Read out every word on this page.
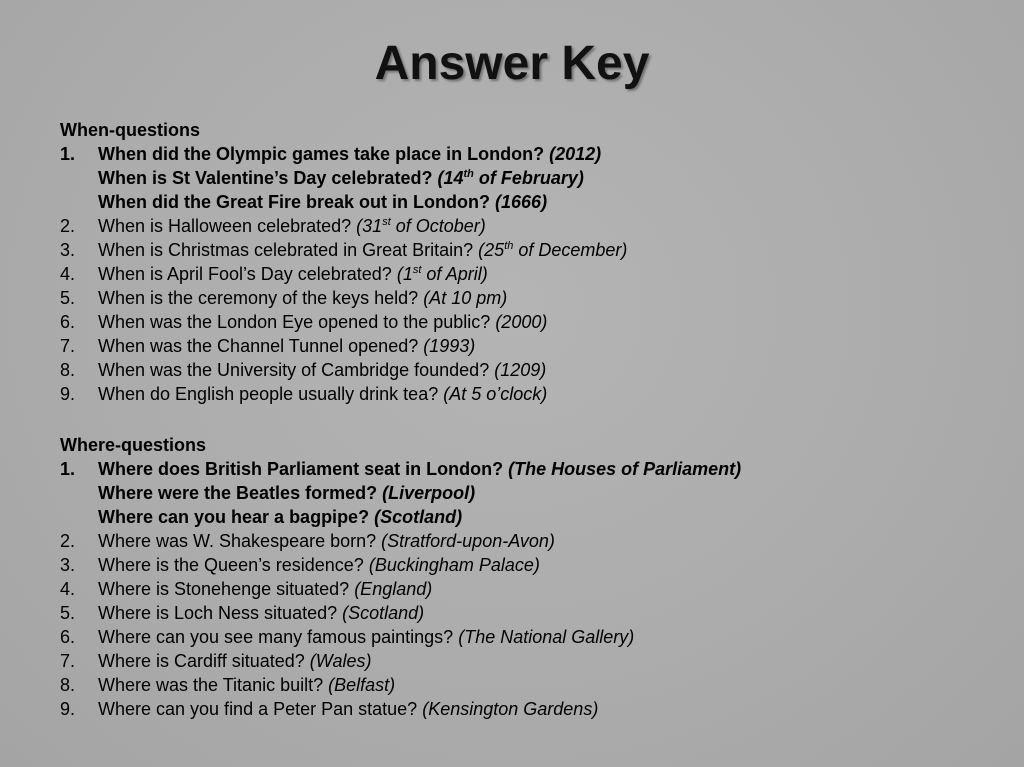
Answer Key
When-questions
1.	When did the Olympic games take place in London? (2012)
When is St Valentine’s Day celebrated? (14th of February)
When did the Great Fire break out in London? (1666)
2.	When is Halloween celebrated? (31st of October)
3.	When is Christmas celebrated in Great Britain? (25th of December)
4.	When is April Fool’s Day celebrated? (1st of April)
5.	When is the ceremony of the keys held? (At 10 pm)
6.	When was the London Eye opened to the public? (2000)
7.	When was the Channel Tunnel opened? (1993)
8.	When was the University of Cambridge founded? (1209)
9.	When do English people usually drink tea? (At 5 o’clock)
Where-questions
1.	Where does British Parliament seat in London? (The Houses of Parliament)
Where were the Beatles formed? (Liverpool)
Where can you hear a bagpipe? (Scotland)
2.	Where was W. Shakespeare born? (Stratford-upon-Avon)
3.	Where is the Queen’s residence? (Buckingham Palace)
4.	Where is Stonehenge situated? (England)
5.	Where is Loch Ness situated? (Scotland)
6.	Where can you see many famous paintings? (The National Gallery)
7.	Where is Cardiff situated? (Wales)
8.	Where was the Titanic built? (Belfast)
9.	Where can you find a Peter Pan statue? (Kensington Gardens)
